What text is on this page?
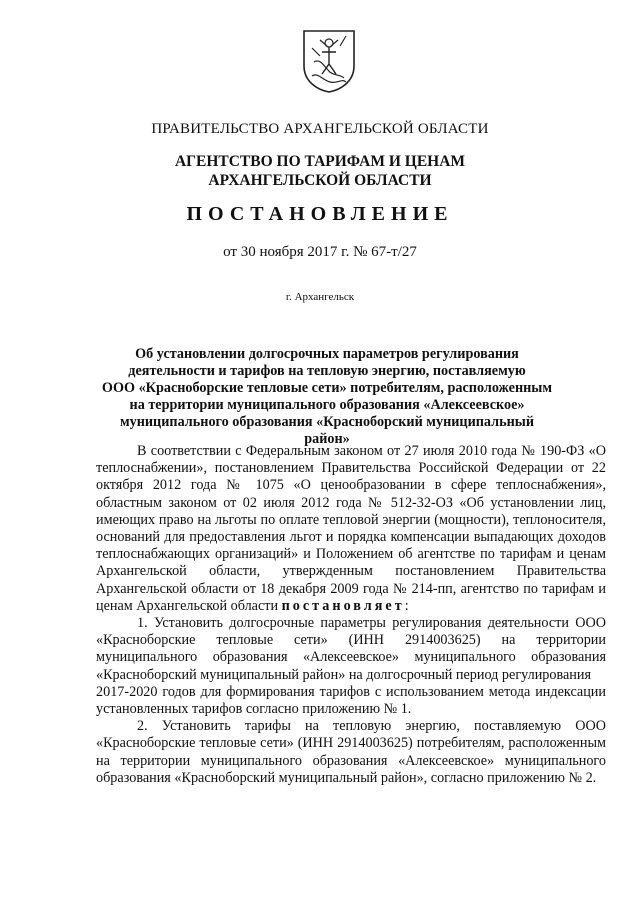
ПРАВИТЕЛЬСТВО АРХАНГЕЛЬСКОЙ ОБЛАСТИ
АГЕНТСТВО ПО ТАРИФАМ И ЦЕНАМ
АРХАНГЕЛЬСКОЙ ОБЛАСТИ
ПОСТАНОВЛЕНИЕ
от 30 ноября 2017 г. № 67-т/27
г. Архангельск
Об установлении долгосрочных параметров регулирования
деятельности и тарифов на тепловую энергию, поставляемую
ООО «Красноборские тепловые сети» потребителям, расположенным
на территории муниципального образования «Алексеевское»
муниципального образования «Красноборский муниципальный район»

В соответствии с Федеральным законом от 27 июля 2010 года № 190-ФЗ «О теплоснабжении», постановлением Правительства Российской Федерации от 22 октября 2012 года № 1075 «О ценообразовании в сфере теплоснабжения», областным законом от 02 июля 2012 года № 512-32-ОЗ «Об установлении лиц, имеющих право на льготы по оплате тепловой энергии (мощности), теплоносителя, оснований для предоставления льгот и порядка компенсации выпадающих доходов теплоснабжающих организаций» и Положением об агентстве по тарифам и ценам Архангельской области, утвержденным постановлением Правительства Архангельской области от 18 декабря 2009 года № 214-пп, агентство по тарифам и ценам Архангельской области постановляет:

1. Установить долгосрочные параметры регулирования деятельности ООО «Красноборские тепловые сети» (ИНН 2914003625) на территории муниципального образования «Алексеевское» муниципального образования «Красноборский муниципальный район» на долгосрочный период регулирования

2017-2020 годов для формирования тарифов с использованием метода индексации установленных тарифов согласно приложению № 1.

2. Установить тарифы на тепловую энергию, поставляемую ООО «Красноборские тепловые сети» (ИНН 2914003625) потребителям, расположенным на территории муниципального образования «Алексеевское» муниципального образования «Красноборский муниципальный район», согласно приложению № 2.
